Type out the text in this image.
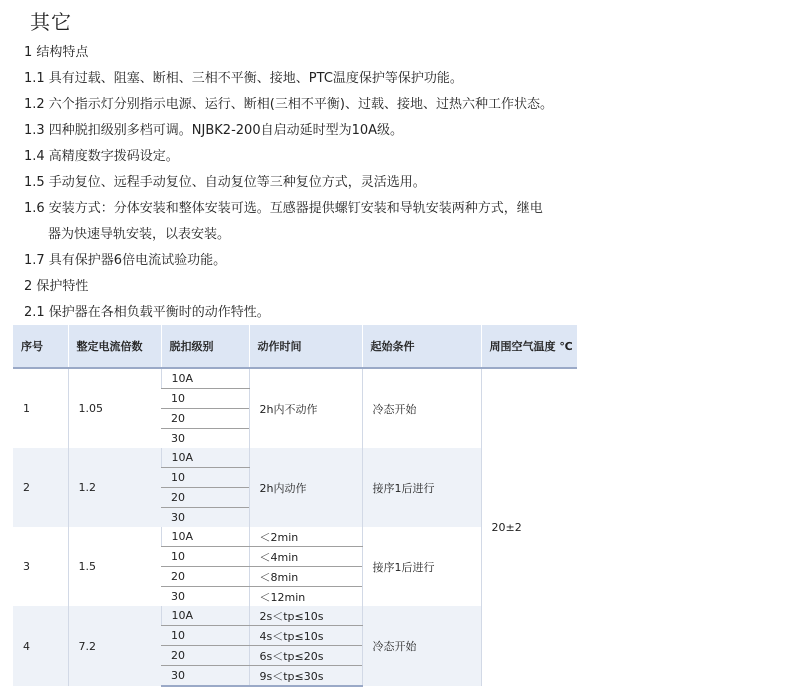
其它
1 结构特点
1.1 具有过载、阻塞、断相、三相不平衡、接地、PTC温度保护等保护功能。
1.2 六个指示灯分别指示电源、运行、断相(三相不平衡)、过载、接地、过热六种工作状态。
1.3 四种脱扣级别多档可调。NJBK2-200自启动延时型为10A级。
1.4 高精度数字拨码设定。
1.5 手动复位、远程手动复位、自动复位等三种复位方式，灵活选用。
1.6 安装方式：分体安装和整体安装可选。互感器提供螺钉安装和导轨安装两种方式，继电
器为快速导轨安装，以表安装。
1.7 具有保护器6倍电流试验功能。
2 保护特性
2.1 保护器在各相负载平衡时的动作特性。
序号	整定电流倍数	脱扣级别	动作时间	起始条件	周围空气温度 ℃
1	1.05	10A	2h内不动作	冷态开始	20±2
		10			
		20			
		30			
2	1.2	10A	2h内动作	接序1后进行	
		10			
		20			
		30			
3	1.5	10A	＜2min	接序1后进行	
		10	＜4min		
		20	＜8min		
		30	＜12min		
4	7.2	10A	2s＜tp≤10s	冷态开始	
		10	4s＜tp≤10s		
		20	6s＜tp≤20s		
		30	9s＜tp≤30s		
